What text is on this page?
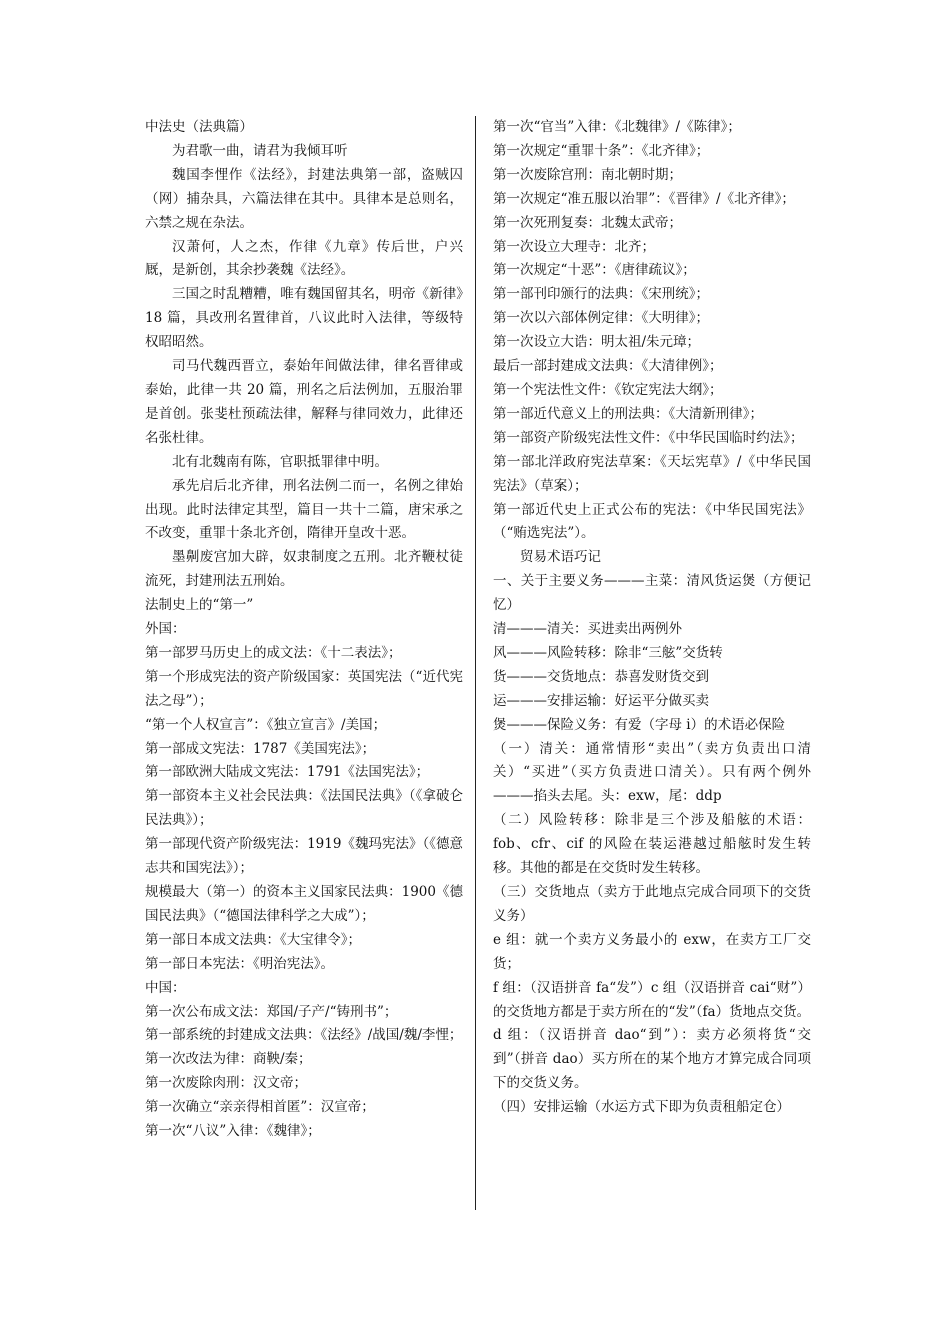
中法史（法典篇）

为君歌一曲，请君为我倾耳听

魏国李悝作《法经》，封建法典第一部，盗贼囚（网）捕杂具，六篇法律在其中。具律本是总则名，六禁之规在杂法。

汉萧何，人之杰，作律《九章》传后世，户兴厩，是新创，其余抄袭魏《法经》。

三国之时乱糟糟，唯有魏国留其名，明帝《新律》18 篇，具改刑名置律首，八议此时入法律，等级特权昭昭然。

司马代魏西晋立，泰始年间做法律，律名晋律或泰始，此律一共 20 篇，刑名之后法例加，五服治罪是首创。张斐杜预疏法律，解释与律同效力，此律还名张杜律。

北有北魏南有陈，官职抵罪律中明。

承先启后北齐律，刑名法例二而一，名例之律始出现。此时法律定其型，篇目一共十二篇，唐宋承之不改变，重罪十条北齐创，隋律开皇改十恶。

墨劓废宫加大辟，奴隶制度之五刑。北齐鞭杖徒流死，封建刑法五刑始。

法制史上的“第一”

外国：

第一部罗马历史上的成文法：《十二表法》；

第一个形成宪法的资产阶级国家：英国宪法（“近代宪法之母”）；

“第一个人权宣言”：《独立宣言》/美国；

第一部成文宪法：1787《美国宪法》；

第一部欧洲大陆成文宪法：1791《法国宪法》；

第一部资本主义社会民法典：《法国民法典》（《拿破仑民法典》）；

第一部现代资产阶级宪法：1919《魏玛宪法》（《德意志共和国宪法》）；

规模最大（第一）的资本主义国家民法典：1900《德国民法典》（“德国法律科学之大成”）；

第一部日本成文法典：《大宝律令》；

第一部日本宪法：《明治宪法》。

中国：

第一次公布成文法：郑国/子产/“铸刑书”；

第一部系统的封建成文法典：《法经》/战国/魏/李悝；

第一次改法为律：商鞅/秦；

第一次废除肉刑：汉文帝；

第一次确立“亲亲得相首匿”：汉宣帝；

第一次“八议”入律：《魏律》；

第一次“官当”入律：《北魏律》/《陈律》；

第一次规定“重罪十条”：《北齐律》；

第一次废除宫刑：南北朝时期；

第一次规定“准五服以治罪”：《晋律》/《北齐律》；

第一次死刑复奏：北魏太武帝；

第一次设立大理寺：北齐；

第一次规定“十恶”：《唐律疏议》；

第一部刊印颁行的法典：《宋刑统》；

第一次以六部体例定律：《大明律》；

第一次设立大诰：明太祖/朱元璋；

最后一部封建成文法典：《大清律例》；

第一个宪法性文件：《钦定宪法大纲》；

第一部近代意义上的刑法典：《大清新刑律》；

第一部资产阶级宪法性文件：《中华民国临时约法》；

第一部北洋政府宪法草案：《天坛宪草》/《中华民国宪法》（草案）；

第一部近代史上正式公布的宪法：《中华民国宪法》（“贿选宪法”）。

贸易术语巧记

一、关于主要义务———主菜：清风货运煲（方便记忆）

清———清关：买进卖出两例外

风———风险转移：除非“三舷”交货转

货———交货地点：恭喜发财货交到

运———安排运输：好运平分做买卖

煲———保险义务：有爱（字母 i）的术语必保险

（一）清关：通常情形“卖出”（卖方负责出口清关）“买进”（买方负责进口清关）。只有两个例外———掐头去尾。头：exw，尾：ddp

（二）风险转移：除非是三个涉及船舷的术语：fob、cfr、cif 的风险在装运港越过船舷时发生转移。其他的都是在交货时发生转移。

（三）交货地点（卖方于此地点完成合同项下的交货义务）

e 组：就一个卖方义务最小的 exw，在卖方工厂交货；

f 组：（汉语拼音 fa“发”）c 组（汉语拼音 cai“财”）的交货地方都是于卖方所在的“发”（fa）货地点交货。

d 组：（汉语拼音 dao“到”）：卖方必须将货“交到”（拼音 dao）买方所在的某个地方才算完成合同项下的交货义务。

（四）安排运输（水运方式下即为负责租船定仓）
